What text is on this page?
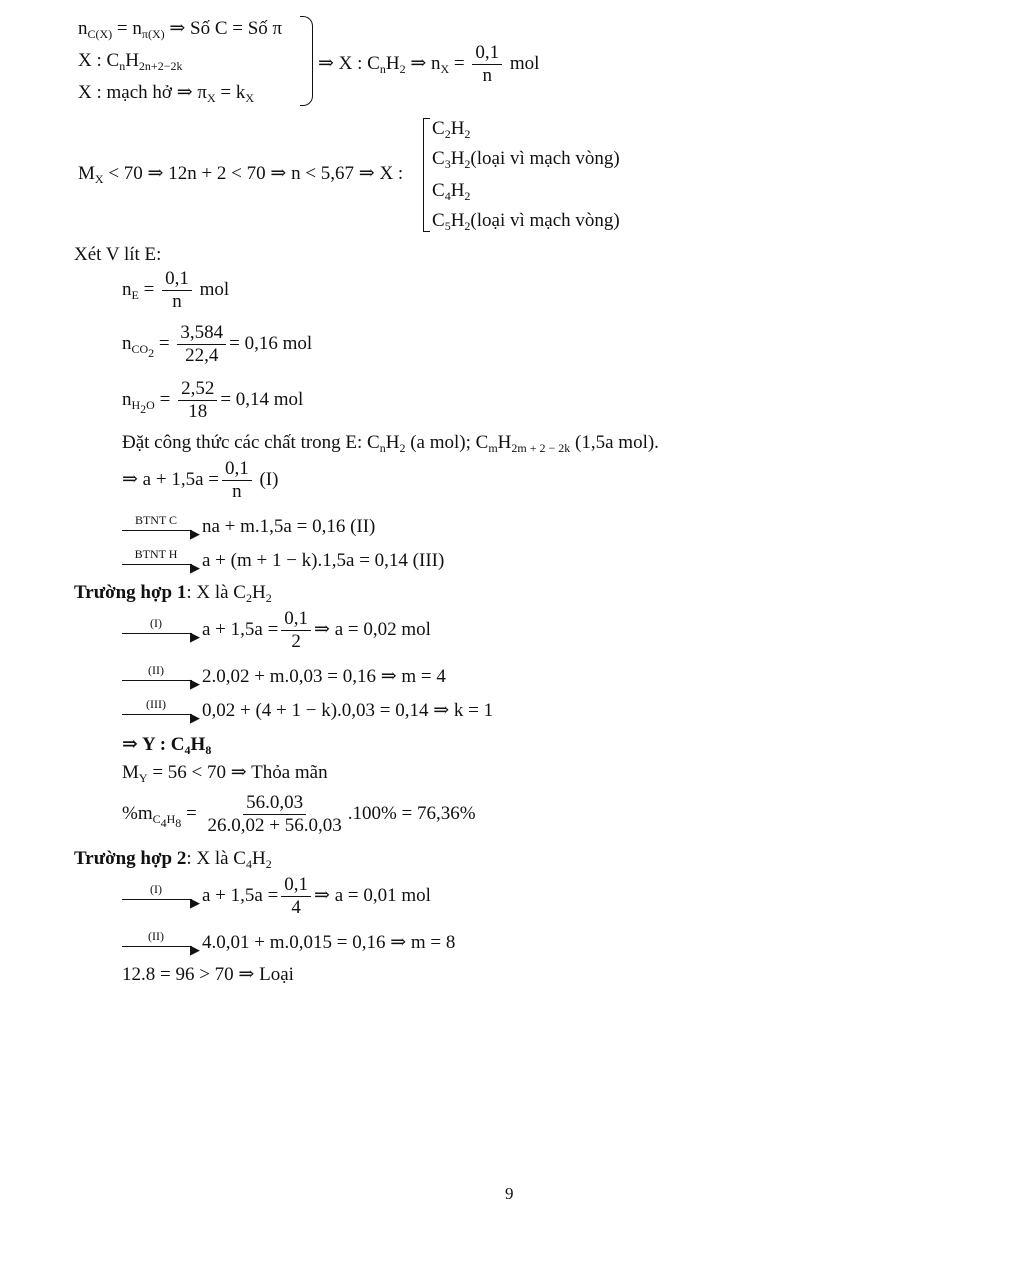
$n_{C(X)} = n_{\pi(X)}$ ⇒ Số C = Số π
X : $C_nH_{2n+2-2k}$
X : mạch hở ⇒ $\pi_X = k_X$
⇒ X : $C_nH_2$ ⇒ $n_X = \frac{0,1}{n}$ mol
$M_X < 70$ ⇒ 12n + 2 < 70 ⇒ n < 5,67 ⇒ X :
$C_2H_2$
$C_3H_2(loại$ vì mạch vòng)
$C_4H_2$
$C_5H_2(loại$ vì mạch vòng)
Xét V lít E:
$n_E = \frac{0,1}{n}$ mol
$n_{CO_2} = \frac{3,584}{22,4} = 0,16$ mol
$n_{H_2O} = \frac{2,52}{18} = 0,14$ mol
Đặt công thức các chất trong E: $C_nH_2$ (a mol); $C_mH_{2m + 2 - 2k}$ (1,5a mol).
⇒ $a + 1,5a = \frac{0,1}{n} (I)$
BTNT C
▶ na + m.1,5a = 0,16 (II)
BTNT H
▶ a + (m + 1 − k).1,5a = 0,14 (III)
Trường hợp 1: X là $C_2H_2$
(I)
▶ $a + 1,5a = \frac{0,1}{2}$ ⇒ a = 0,02 mol
(II)
▶ 2.0,02 + m.0,03 = 0,16 ⇒ m = 4
(III)
▶ 0,02 + (4 + 1 − k).0,03 = 0,14 ⇒ k = 1
⇒ Y : $C_4H_8$
$M_Y = 56 < 70$ ⇒ Thỏa mãn
$\%m_{C_4H_8} = \frac{56.0,03}{26.0,02 + 56.0,03} .100\% = 76,36\%$
Trường hợp 2: X là $C_4H_2$
(I)
▶ $a + 1,5a = \frac{0,1}{4}$ ⇒ a = 0,01 mol
(II)
▶ 4.0,01 + m.0,015 = 0,16 ⇒ m = 8
12.8 = 96 > 70 ⇒ Loại
9
